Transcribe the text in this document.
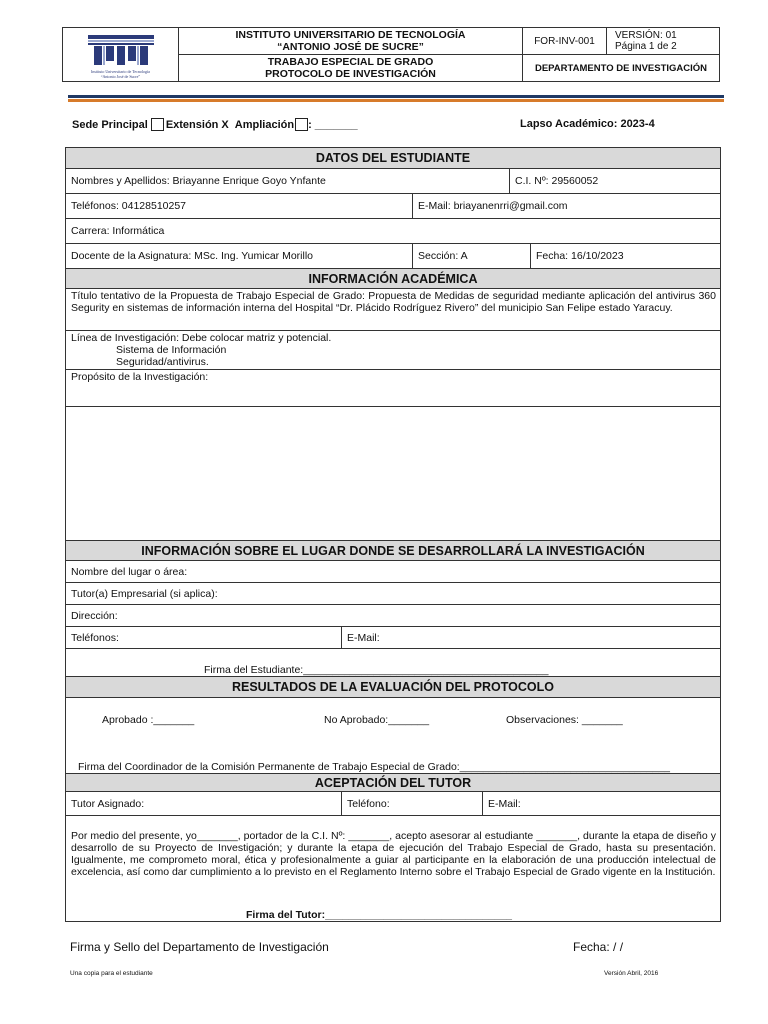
Instituto Universitario de Tecnología
“Antonio José de Sucre”
INSTITUTO UNIVERSITARIO DE TECNOLOGÍA
“ANTONIO JOSÉ DE SUCRE”
TRABAJO ESPECIAL DE GRADO
PROTOCOLO DE INVESTIGACIÓN
FOR-INV-001	VERSIÓN: 01
Página 1 de 2
DEPARTAMENTO DE INVESTIGACIÓN
Sede Principal Extensión X Ampliación : _______	Lapso Académico: 2023-4
DATOS DEL ESTUDIANTE
Nombres y Apellidos: Briayanne Enrique Goyo Ynfante	C.I. Nº: 29560052
Teléfonos: 04128510257	E-Mail: briayanenrri@gmail.com
Carrera: Informática
Docente de la Asignatura: MSc. Ing. Yumicar Morillo	Sección: A	Fecha: 16/10/2023
INFORMACIÓN ACADÉMICA
Título tentativo de la Propuesta de Trabajo Especial de Grado: Propuesta de Medidas de seguridad mediante aplicación del antivirus 360 Segurity en sistemas de información interna del Hospital “Dr. Plácido Rodríguez Rivero” del municipio San Felipe estado Yaracuy.
Línea de Investigación: Debe colocar matriz y potencial.
Sistema de Información
Seguridad/antivirus.
Propósito de la Investigación:
INFORMACIÓN SOBRE EL LUGAR DONDE SE DESARROLLARÁ LA INVESTIGACIÓN
Nombre del lugar o área:
Tutor(a) Empresarial (si aplica):
Dirección:
Teléfonos:	E-Mail:
Firma del Estudiante:__________________________________________
RESULTADOS DE LA EVALUACIÓN DEL PROTOCOLO
Aprobado :_______	No Aprobado:_______	Observaciones: _______
Firma del Coordinador de la Comisión Permanente de Trabajo Especial de Grado:____________________________________
ACEPTACIÓN DEL TUTOR
Tutor Asignado:	Teléfono:	E-Mail:
Por medio del presente, yo_______, portador de la C.I. Nº: _______, acepto asesorar al estudiante _______, durante la etapa de diseño y desarrollo de su Proyecto de Investigación; y durante la etapa de ejecución del Trabajo Especial de Grado, hasta su presentación. Igualmente, me comprometo moral, ética y profesionalmente a guiar al participante en la elaboración de una producción intelectual de excelencia, así como dar cumplimiento a lo previsto en el Reglamento Interno sobre el Trabajo Especial de Grado vigente en la Institución.
Firma del Tutor:________________________________
Firma y Sello del Departamento de Investigación	Fecha: / /
Una copia para el estudiante	Versión Abril, 2016
